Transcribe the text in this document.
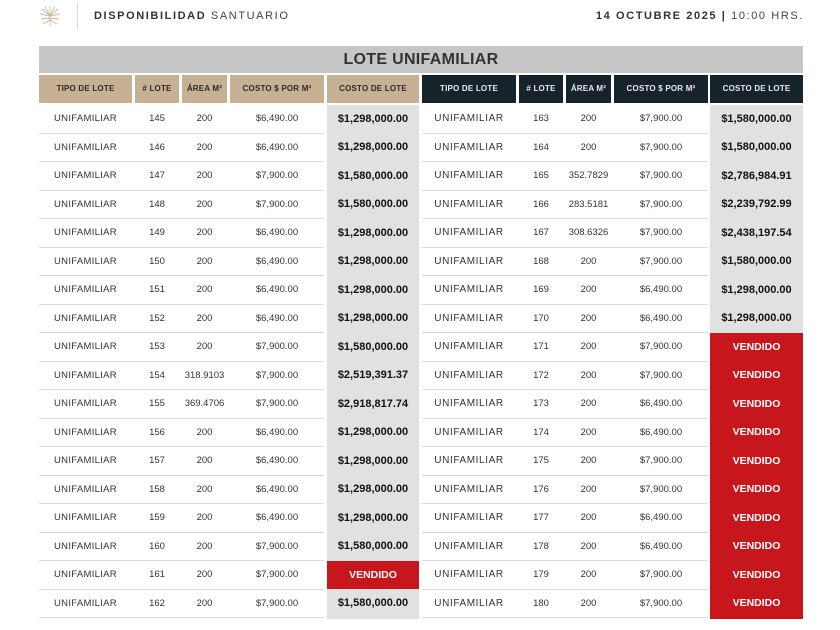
DISPONIBILIDAD SANTUARIO	14 OCTUBRE 2025 | 10:00 HRS.
LOTE UNIFAMILIAR
TIPO DE LOTE	# LOTE	ÁREA M²	COSTO $ POR M²	COSTO DE LOTE	TIPO DE LOTE	# LOTE	ÁREA M²	COSTO $ POR M²	COSTO DE LOTE
UNIFAMILIAR	145	200	$6,490.00	$1,298,000.00	UNIFAMILIAR	163	200	$7,900.00	$1,580,000.00
UNIFAMILIAR	146	200	$6,490.00	$1,298,000.00	UNIFAMILIAR	164	200	$7,900.00	$1,580,000.00
UNIFAMILIAR	147	200	$7,900.00	$1,580,000.00	UNIFAMILIAR	165	352.7829	$7,900.00	$2,786,984.91
UNIFAMILIAR	148	200	$7,900.00	$1,580,000.00	UNIFAMILIAR	166	283.5181	$7,900.00	$2,239,792.99
UNIFAMILIAR	149	200	$6,490.00	$1,298,000.00	UNIFAMILIAR	167	308.6326	$7,900.00	$2,438,197.54
UNIFAMILIAR	150	200	$6,490.00	$1,298,000.00	UNIFAMILIAR	168	200	$7,900.00	$1,580,000.00
UNIFAMILIAR	151	200	$6,490.00	$1,298,000.00	UNIFAMILIAR	169	200	$6,490.00	$1,298,000.00
UNIFAMILIAR	152	200	$6,490.00	$1,298,000.00	UNIFAMILIAR	170	200	$6,490.00	$1,298,000.00
UNIFAMILIAR	153	200	$7,900.00	$1,580,000.00	UNIFAMILIAR	171	200	$7,900.00	VENDIDO
UNIFAMILIAR	154	318.9103	$7,900.00	$2,519,391.37	UNIFAMILIAR	172	200	$7,900.00	VENDIDO
UNIFAMILIAR	155	369.4706	$7,900.00	$2,918,817.74	UNIFAMILIAR	173	200	$6,490.00	VENDIDO
UNIFAMILIAR	156	200	$6,490.00	$1,298,000.00	UNIFAMILIAR	174	200	$6,490.00	VENDIDO
UNIFAMILIAR	157	200	$6,490.00	$1,298,000.00	UNIFAMILIAR	175	200	$7,900.00	VENDIDO
UNIFAMILIAR	158	200	$6,490.00	$1,298,000.00	UNIFAMILIAR	176	200	$7,900.00	VENDIDO
UNIFAMILIAR	159	200	$6,490.00	$1,298,000.00	UNIFAMILIAR	177	200	$6,490.00	VENDIDO
UNIFAMILIAR	160	200	$7,900.00	$1,580,000.00	UNIFAMILIAR	178	200	$6,490.00	VENDIDO
UNIFAMILIAR	161	200	$7,900.00	VENDIDO	UNIFAMILIAR	179	200	$7,900.00	VENDIDO
UNIFAMILIAR	162	200	$7,900.00	$1,580,000.00	UNIFAMILIAR	180	200	$7,900.00	VENDIDO
